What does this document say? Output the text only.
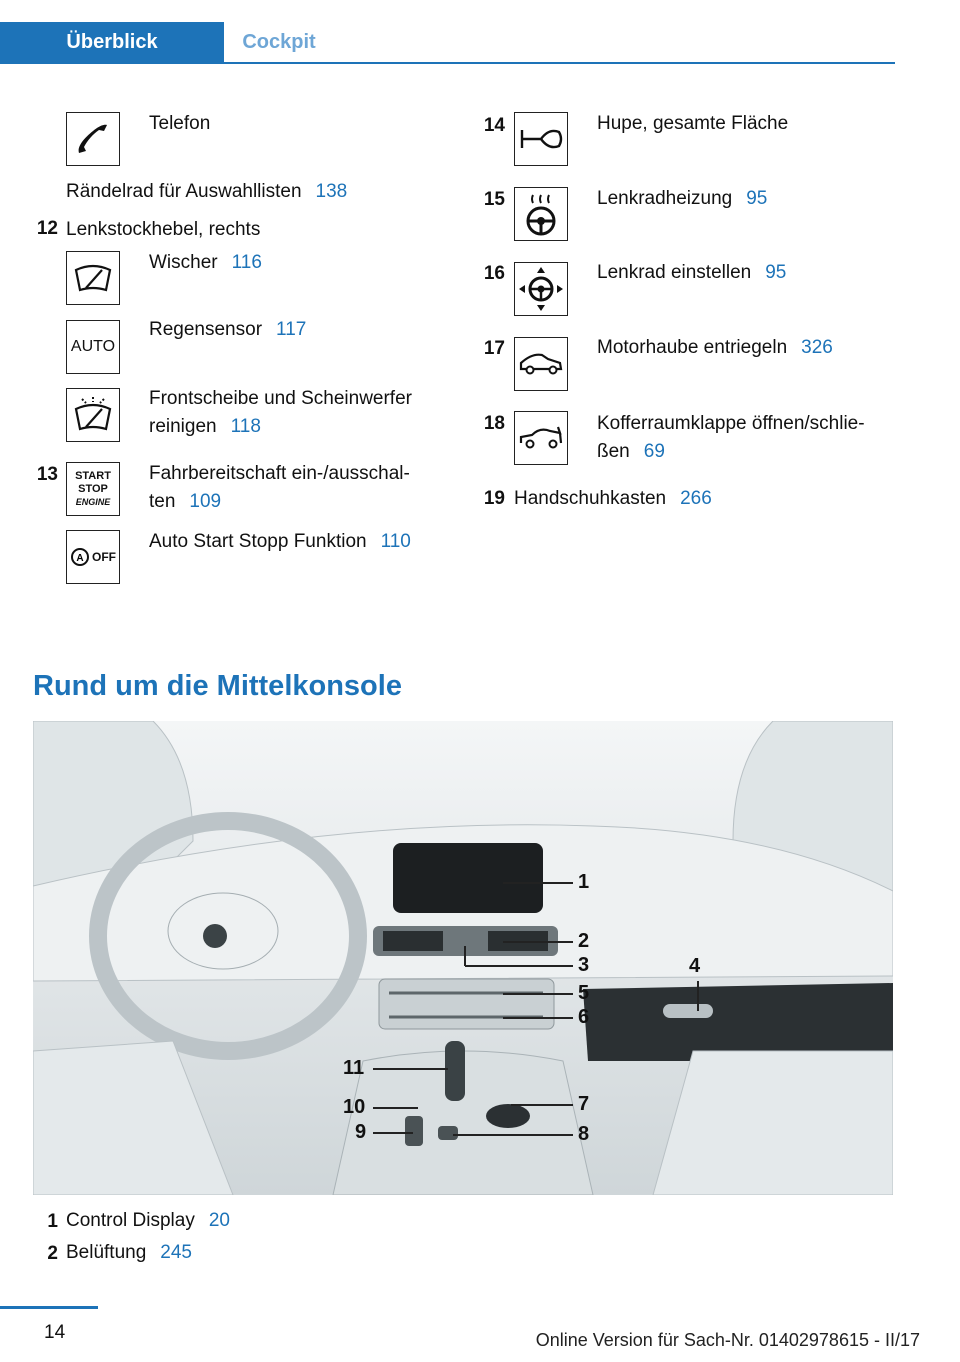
Überblick	Cockpit
Telefon
Rändelrad für Auswahllisten 138
12 Lenkstockhebel, rechts
Wischer 116
AUTO
Regensensor 117
Frontscheibe und Scheinwerfer
reinigen 118
13 START
STOP
ENGINE
Fahrbereitschaft ein-/ausschal-
ten 109
A OFF
Auto Start Stopp Funktion 110
14	Hupe, gesamte Fläche
15	Lenkradheizung 95
16	Lenkrad einstellen 95
17	Motorhaube entriegeln 326
18	Kofferraumklappe öffnen/schlie-
ßen 69
19 Handschuhkasten 266
Rund um die Mittelkonsole
1
2
3	4
5
6
7
8
9
10
11
1 Control Display 20
2 Belüftung 245
14	Online Version für Sach-Nr. 01402978615 - II/17
